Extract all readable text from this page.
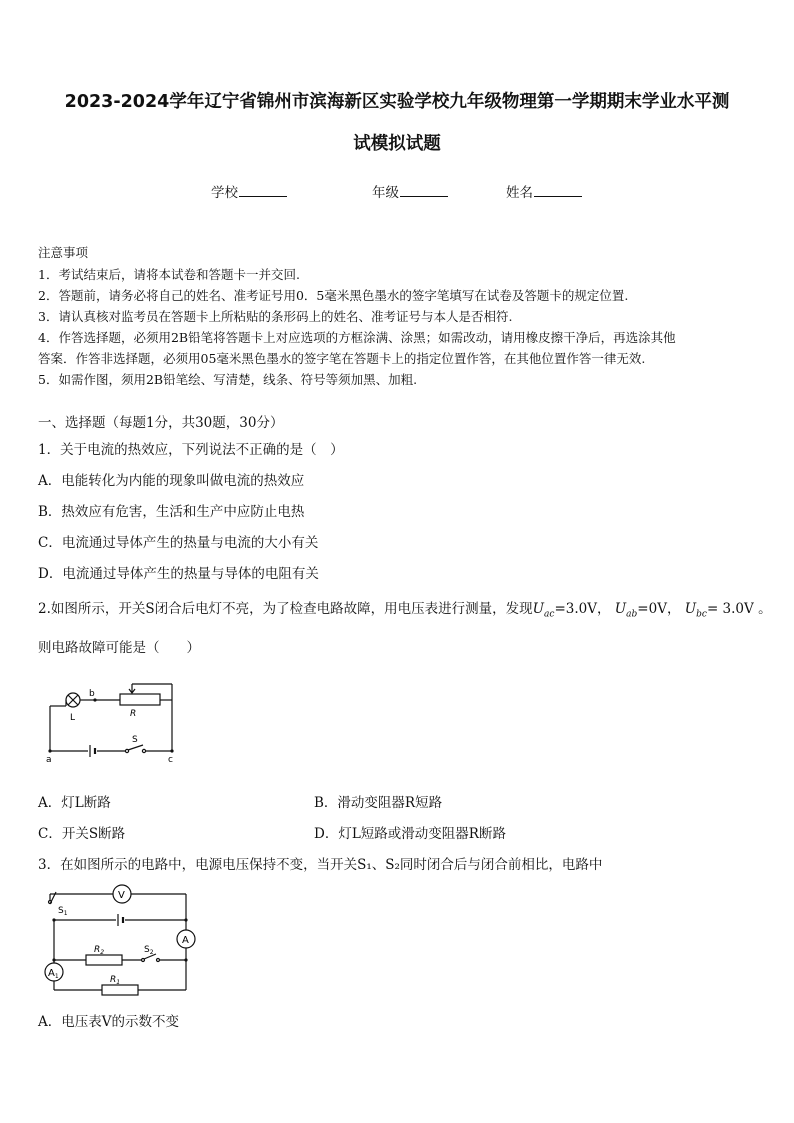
2023-2024学年辽宁省锦州市滨海新区实验学校九年级物理第一学期期末学业水平测
试模拟试题
学校	年级	姓名
注意事项
1．考试结束后，请将本试卷和答题卡一并交回.
2．答题前，请务必将自己的姓名、准考证号用0．5毫米黑色墨水的签字笔填写在试卷及答题卡的规定位置.
3．请认真核对监考员在答题卡上所粘贴的条形码上的姓名、准考证号与本人是否相符.
4．作答选择题，必须用2B铅笔将答题卡上对应选项的方框涂满、涂黑；如需改动，请用橡皮擦干净后，再选涂其他
答案．作答非选择题，必须用05毫米黑色墨水的签字笔在答题卡上的指定位置作答，在其他位置作答一律无效.
5．如需作图，须用2B铅笔绘、写清楚，线条、符号等须加黑、加粗.
一、选择题（每题1分，共30题，30分）
1．关于电流的热效应，下列说法不正确的是（　）
A．电能转化为内能的现象叫做电流的热效应
B．热效应有危害，生活和生产中应防止电热
C．电流通过导体产生的热量与电流的大小有关
D．电流通过导体产生的热量与导体的电阻有关
2.如图所示，开关S闭合后电灯不亮，为了检查电路故障，用电压表进行测量，发现$U_{ac}=3.0V$， $U_{ab}=0V$， $U_{bc}= 3.0V$ 。
则电路故障可能是（　　）
b
L	R
S
a	c
A．灯L断路	B．滑动变阻器R短路
C．开关S断路	D．灯L短路或滑动变阻器R断路
3．在如图所示的电路中，电源电压保持不变，当开关S₁、S₂同时闭合后与闭合前相比，电路中
V
$S_1$
A
$R_2$	$S_2$
$A_1$	$R_1$
A．电压表V的示数不变
